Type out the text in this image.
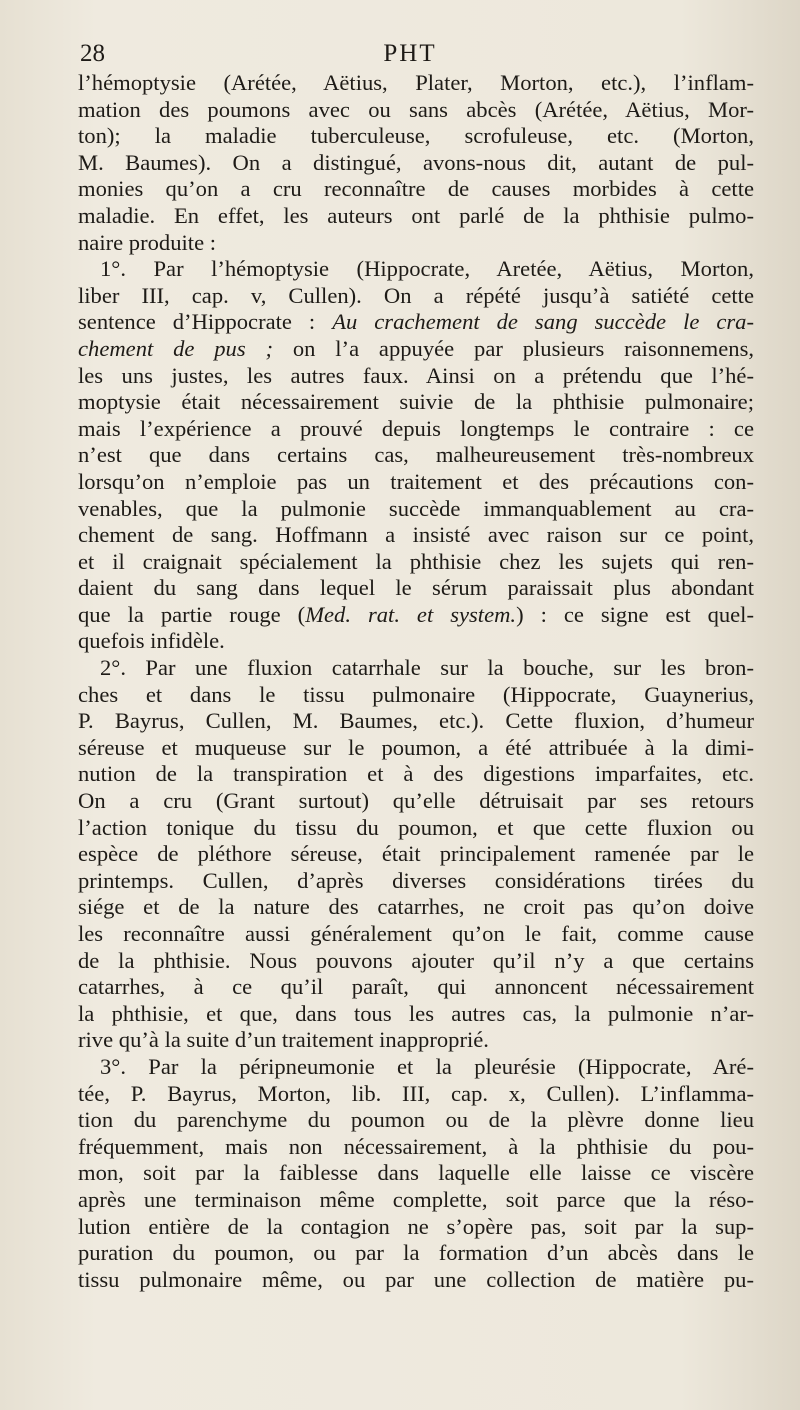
28	PHT
l’hémoptysie (Arétée, Aëtius, Plater, Morton, etc.), l’inflam-
mation des poumons avec ou sans abcès (Arétée, Aëtius, Mor-
ton); la maladie tuberculeuse, scrofuleuse, etc. (Morton,
M. Baumes). On a distingué, avons-nous dit, autant de pul-
monies qu’on a cru reconnaître de causes morbides à cette
maladie. En effet, les auteurs ont parlé de la phthisie pulmo-
naire produite :
1°. Par l’hémoptysie (Hippocrate, Aretée, Aëtius, Morton,
liber III, cap. v, Cullen). On a répété jusqu’à satiété cette
sentence d’Hippocrate : Au crachement de sang succède le cra-
chement de pus ; on l’a appuyée par plusieurs raisonnemens,
les uns justes, les autres faux. Ainsi on a prétendu que l’hé-
moptysie était nécessairement suivie de la phthisie pulmonaire;
mais l’expérience a prouvé depuis longtemps le contraire : ce
n’est que dans certains cas, malheureusement très-nombreux
lorsqu’on n’emploie pas un traitement et des précautions con-
venables, que la pulmonie succède immanquablement au cra-
chement de sang. Hoffmann a insisté avec raison sur ce point,
et il craignait spécialement la phthisie chez les sujets qui ren-
daient du sang dans lequel le sérum paraissait plus abondant
que la partie rouge (Med. rat. et system.) : ce signe est quel-
quefois infidèle.
2°. Par une fluxion catarrhale sur la bouche, sur les bron-
ches et dans le tissu pulmonaire (Hippocrate, Guaynerius,
P. Bayrus, Cullen, M. Baumes, etc.). Cette fluxion, d’humeur
séreuse et muqueuse sur le poumon, a été attribuée à la dimi-
nution de la transpiration et à des digestions imparfaites, etc.
On a cru (Grant surtout) qu’elle détruisait par ses retours
l’action tonique du tissu du poumon, et que cette fluxion ou
espèce de pléthore séreuse, était principalement ramenée par le
printemps. Cullen, d’après diverses considérations tirées du
siége et de la nature des catarrhes, ne croit pas qu’on doive
les reconnaître aussi généralement qu’on le fait, comme cause
de la phthisie. Nous pouvons ajouter qu’il n’y a que certains
catarrhes, à ce qu’il paraît, qui annoncent nécessairement
la phthisie, et que, dans tous les autres cas, la pulmonie n’ar-
rive qu’à la suite d’un traitement inapproprié.
3°. Par la péripneumonie et la pleurésie (Hippocrate, Aré-
tée, P. Bayrus, Morton, lib. III, cap. x, Cullen). L’inflamma-
tion du parenchyme du poumon ou de la plèvre donne lieu
fréquemment, mais non nécessairement, à la phthisie du pou-
mon, soit par la faiblesse dans laquelle elle laisse ce viscère
après une terminaison même complette, soit parce que la réso-
lution entière de la contagion ne s’opère pas, soit par la sup-
puration du poumon, ou par la formation d’un abcès dans le
tissu pulmonaire même, ou par une collection de matière pu-
